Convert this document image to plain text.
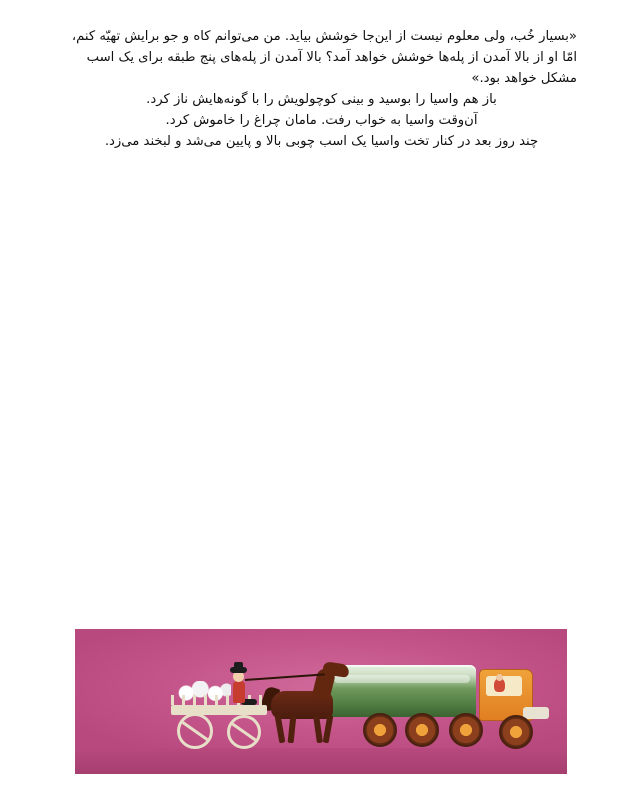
«بسیار خُب، ولی معلوم نیست از این‌جا خوشش بیاید. من می‌توانم کاه و جو برایش تهیّه کنم،
امّا او از بالا آمدن از پله‌ها خوشش خواهد آمد؟ بالا آمدن از پله‌های پنج طبقه برای یک اسب
مشکل خواهد بود.»

باز هم واسیا را بوسید و بینی کوچولویش را با گونه‌هایش ناز کرد.

آن‌وقت واسیا به خواب رفت. مامان چراغ را خاموش کرد.

چند روز بعد در کنار تخت واسیا یک اسب چوبی بالا و پایین می‌شد و لبخند می‌زد.
